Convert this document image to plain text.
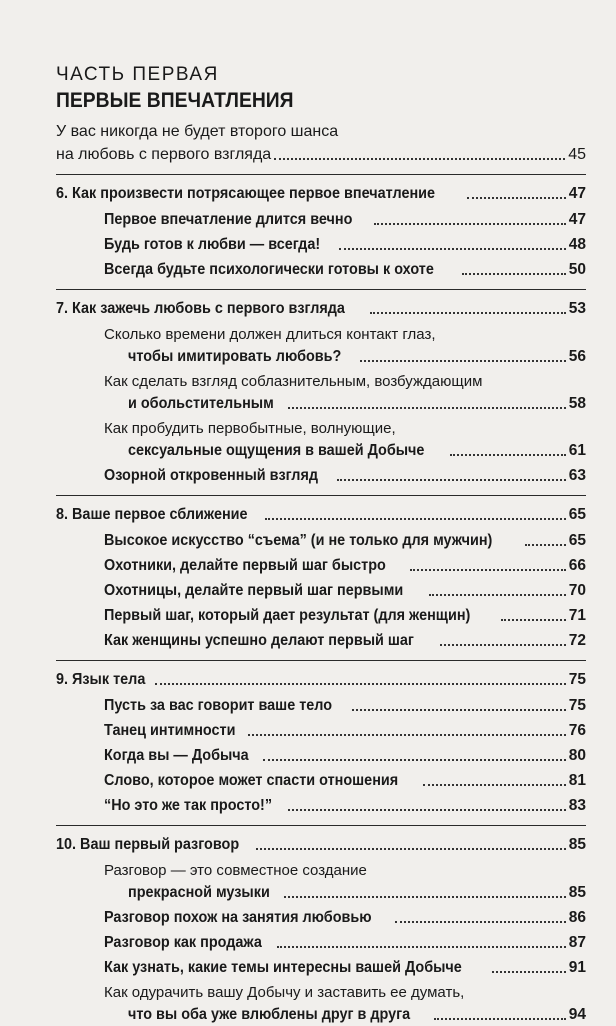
ЧАСТЬ ПЕРВАЯ
ПЕРВЫЕ ВПЕЧАТЛЕНИЯ
У вас никогда не будет второго шанса
на любовь с первого взгляда	45
6. Как произвести потрясающее первое впечатление	47
Первое впечатление длится вечно	47
Будь готов к любви — всегда!	48
Всегда будьте психологически готовы к охоте	50
7. Как зажечь любовь с первого взгляда	53
Сколько времени должен длиться контакт глаз,
чтобы имитировать любовь?	56
Как сделать взгляд соблазнительным, возбуждающим
и обольстительным	58
Как пробудить первобытные, волнующие,
сексуальные ощущения в вашей Добыче	61
Озорной откровенный взгляд	63
8. Ваше первое сближение	65
Высокое искусство “съема” (и не только для мужчин)	65
Охотники, делайте первый шаг быстро	66
Охотницы, делайте первый шаг первыми	70
Первый шаг, который дает результат (для женщин)	71
Как женщины успешно делают первый шаг	72
9. Язык тела	75
Пусть за вас говорит ваше тело	75
Танец интимности	76
Когда вы — Добыча	80
Слово, которое может спасти отношения	81
“Но это же так просто!”	83
10. Ваш первый разговор	85
Разговор — это совместное создание
прекрасной музыки	85
Разговор похож на занятия любовью	86
Разговор как продажа	87
Как узнать, какие темы интересны вашей Добыче	91
Как одурачить вашу Добычу и заставить ее думать,
что вы оба уже влюблены друг в друга	94
